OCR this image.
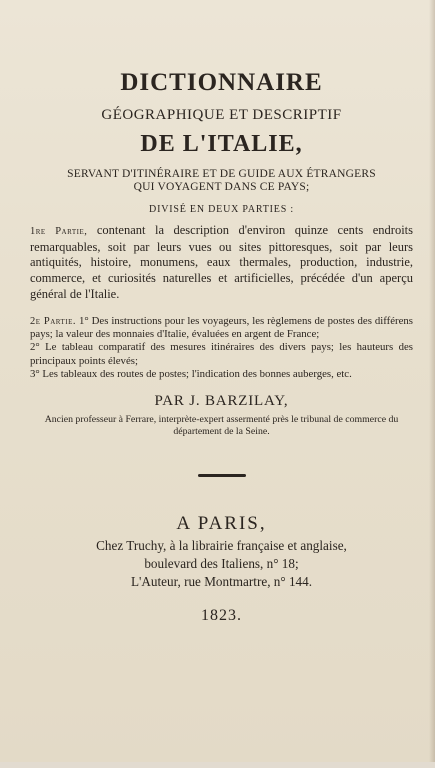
DICTIONNAIRE
GÉOGRAPHIQUE ET DESCRIPTIF
DE L'ITALIE,
SERVANT D'ITINÉRAIRE ET DE GUIDE AUX ÉTRANGERS
QUI VOYAGENT DANS CE PAYS;
DIVISÉ EN DEUX PARTIES :
1re Partie, contenant la description d'environ quinze cents endroits remarquables, soit par leurs vues ou sites pittoresques, soit par leurs antiquités, histoire, monumens, eaux thermales, production, industrie, commerce, et curiosités naturelles et artificielles, précédée d'un aperçu général de l'Italie.

2e Partie. 1° Des instructions pour les voyageurs, les règlemens de postes des différens pays; la valeur des monnaies d'Italie, évaluées en argent de France;

2° Le tableau comparatif des mesures itinéraires des divers pays; les hauteurs des principaux points élevés;

3° Les tableaux des routes de postes; l'indication des bonnes auberges, etc.

PAR J. BARZILAY,
Ancien professeur à Ferrare, interprète-expert assermenté près le tribunal de commerce du département de la Seine.
A PARIS,
Chez Truchy, à la librairie française et anglaise,
boulevard des Italiens, n° 18;
L'Auteur, rue Montmartre, n° 144.
1823.
